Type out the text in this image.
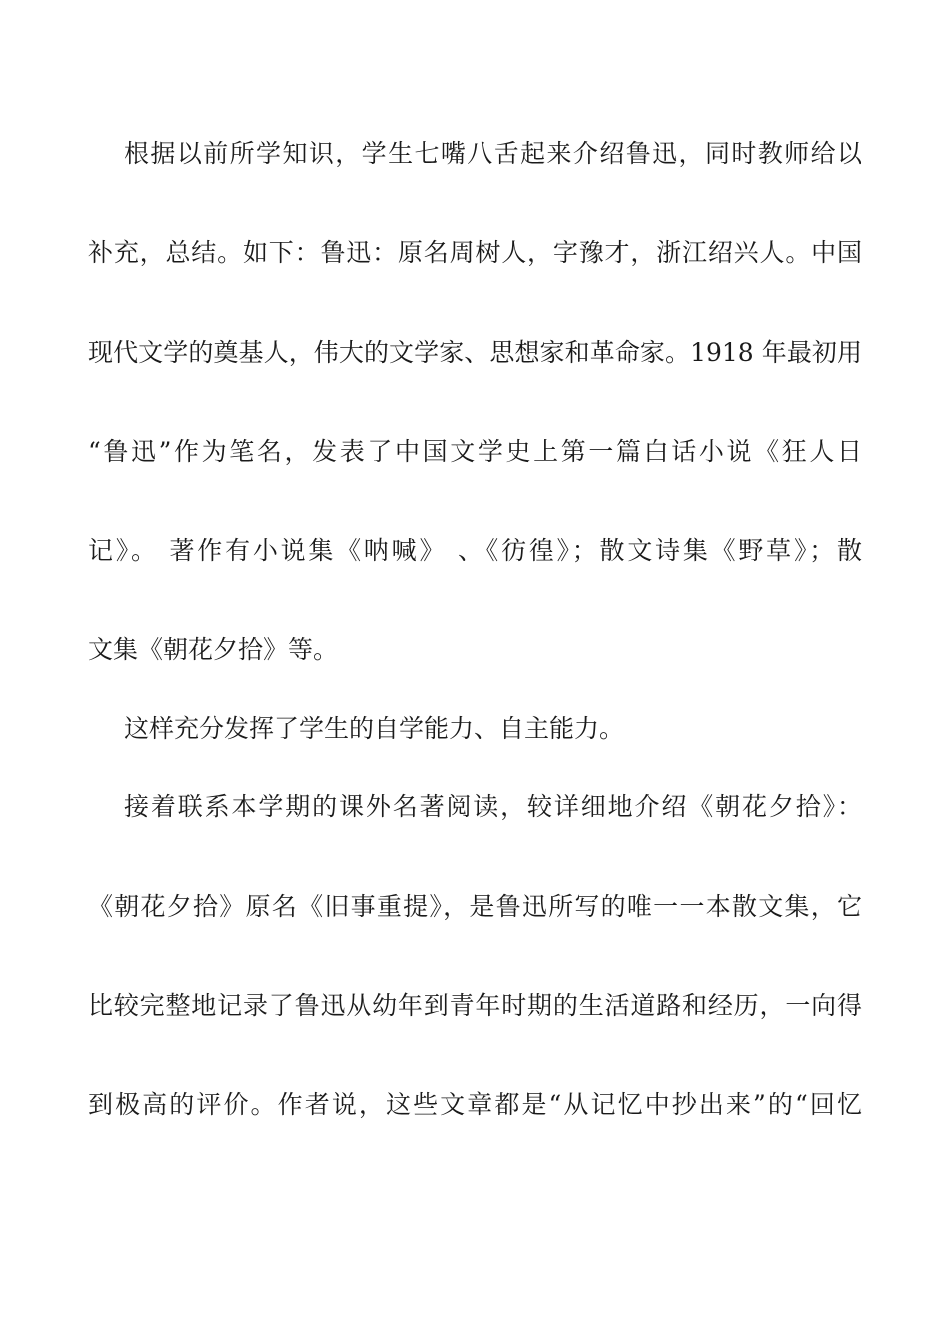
根据以前所学知识，学生七嘴八舌起来介绍鲁迅，同时教师给以
补充，总结。如下：鲁迅：原名周树人，字豫才，浙江绍兴人。中国
现代文学的奠基人，伟大的文学家、思想家和革命家。1918 年最初用
“鲁迅”作为笔名，发表了中国文学史上第一篇白话小说《狂人日
记》。 著作有小说集《呐喊》 、《彷徨》；散文诗集《野草》；散
文集《朝花夕拾》等。
这样充分发挥了学生的自学能力、自主能力。
接着联系本学期的课外名著阅读，较详细地介绍《朝花夕拾》：
《朝花夕拾》原名《旧事重提》，是鲁迅所写的唯一一本散文集，它
比较完整地记录了鲁迅从幼年到青年时期的生活道路和经历，一向得
到极高的评价。作者说，这些文章都是“从记忆中抄出来”的“回忆
